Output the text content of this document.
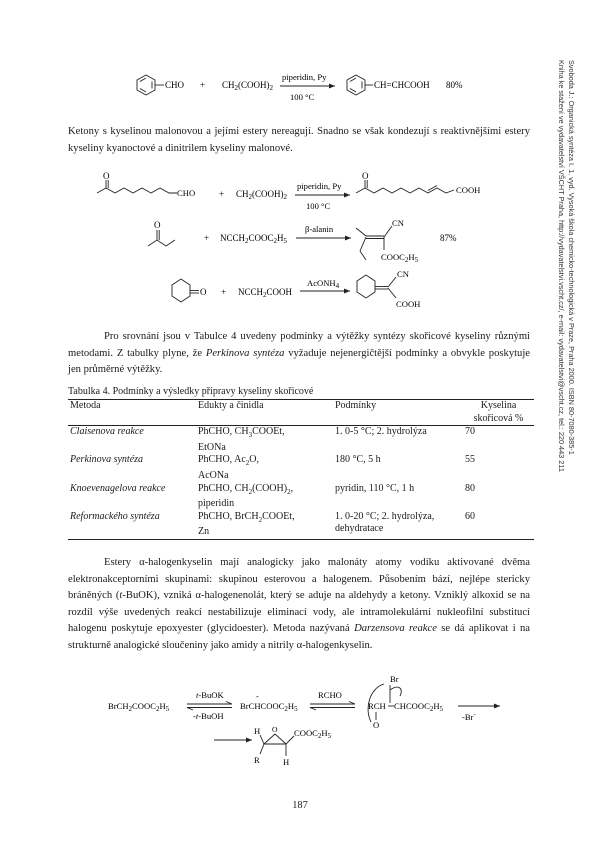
Svoboda J.: Organická syntéza I. 1. vyd. Vysoká škola chemicko-technologická v Praze, Praha 2000. ISBN 80-7080-385-1
Kniha ke stažení ve vydavatelství VŠCHT Praha, http://vydavatelstvi.vscht.cz/, e-mail: vydavatelstvi@vscht.cz, tel.: 220 443 211
CHO + $CH_2(COOH)_2$
piperidin, Py
100 °C
CH=CHCOOH 80%
Ketony s kyselinou malonovou a jejími estery nereagují. Snadno se však kondezují s reaktivnějšími estery kyseliny kyanoctové a dinitrilem kyseliny malonové.
O
CHO	+ $CH_2(COOH)_2$
piperidin, Py
100 °C
O
COOH
O
+ $NCCH_2COOC_2H_5$
β-alanin
CN
$COOC_2H_5$
87%
$O + NCCH_2COOH$
AcONH$_4$
CN
COOH
Pro srovnání jsou v Tabulce 4 uvedeny podmínky a výtěžky syntézy skořicové kyseliny různými metodami. Z tabulky plyne, že Perkinova syntéza vyžaduje nejenergičtější podmínky a obvykle poskytuje jen průměrné výtěžky.
Tabulka 4. Podmínky a výsledky přípravy kyseliny skořicové
Metoda	Edukty a činidla	Podmínky	Kyselina skořicová %
Claisenova reakce	PhCHO, $CH_3COOEt$,
EtONa	1. 0-5 °C; 2. hydrolýza	70
Perkinova syntéza	PhCHO, $Ac_2O$,
AcONa	180 °C, 5 h	55
Knoevenagelova reakce	PhCHO, $CH_2(COOH)_2$,
piperidin	pyridin, 110 °C, 1 h	80
Reformackého syntéza	PhCHO, BrCH$_2$COOEt,
Zn	1. 0-20 °C; 2. hydrolýza, dehydratace	60
Estery α-halogenkyselin mají analogicky jako malonáty atomy vodíku aktivované dvěma elektronakceptorními skupinami: skupinou esterovou a halogenem. Působením bází, nejlépe stericky bráněných (t-BuOK), vzniká α-halogenenolát, který se aduje na aldehydy a ketony. Vzniklý alkoxid se na rozdíl výše uvedených reakcí nestabilizuje eliminací vody, ale intramolekulární nukleofilní substitucí halogenu poskytuje epoxyester (glycidoester). Metoda nazývaná Darzensova reakce se dá aplikovat i na strukturně analogické sloučeniny jako amidy a nitrily α-halogenkyselin.
$BrCH_2COOC_2H_5$
t-BuOK
-t-BuOH
-
$BrCHCOOC_2H_5$
RCHO
Br
RCH $CHCOOC_2H_5$
O
-Br-
H O
R	H
$COOC_2H_5$
187
